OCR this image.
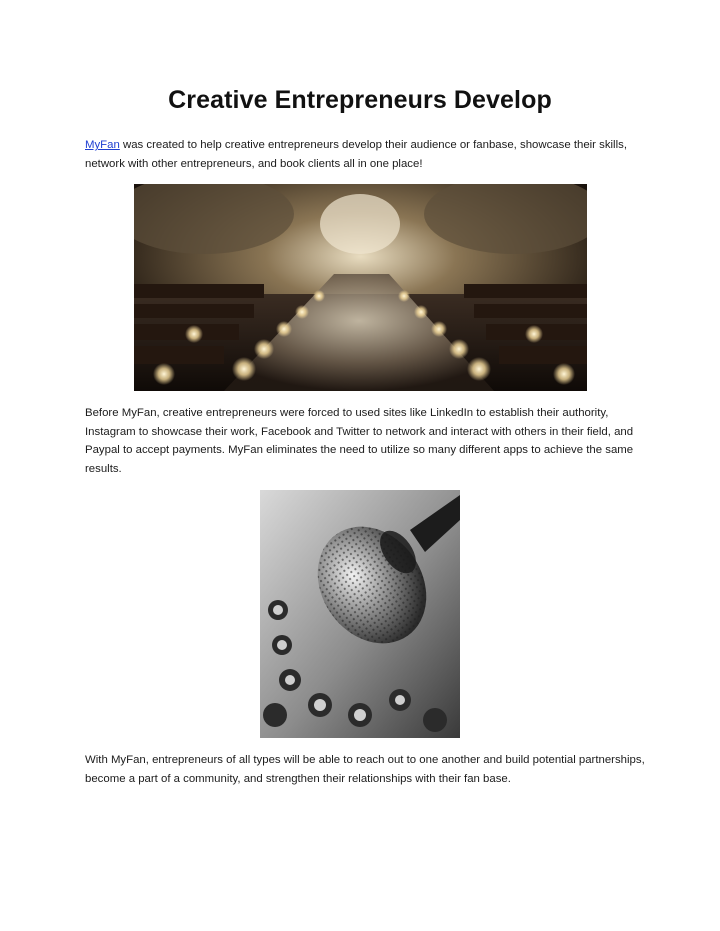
Creative Entrepreneurs Develop

MyFan was created to help creative entrepreneurs develop their audience or fanbase, showcase their skills, network with other entrepreneurs, and book clients all in one place!

Before MyFan, creative entrepreneurs were forced to used sites like LinkedIn to establish their authority, Instagram to showcase their work, Facebook and Twitter to network and interact with others in their field, and Paypal to accept payments. MyFan eliminates the need to utilize so many different apps to achieve the same results.

With MyFan, entrepreneurs of all types will be able to reach out to one another and build potential partnerships, become a part of a community, and strengthen their relationships with their fan base.
